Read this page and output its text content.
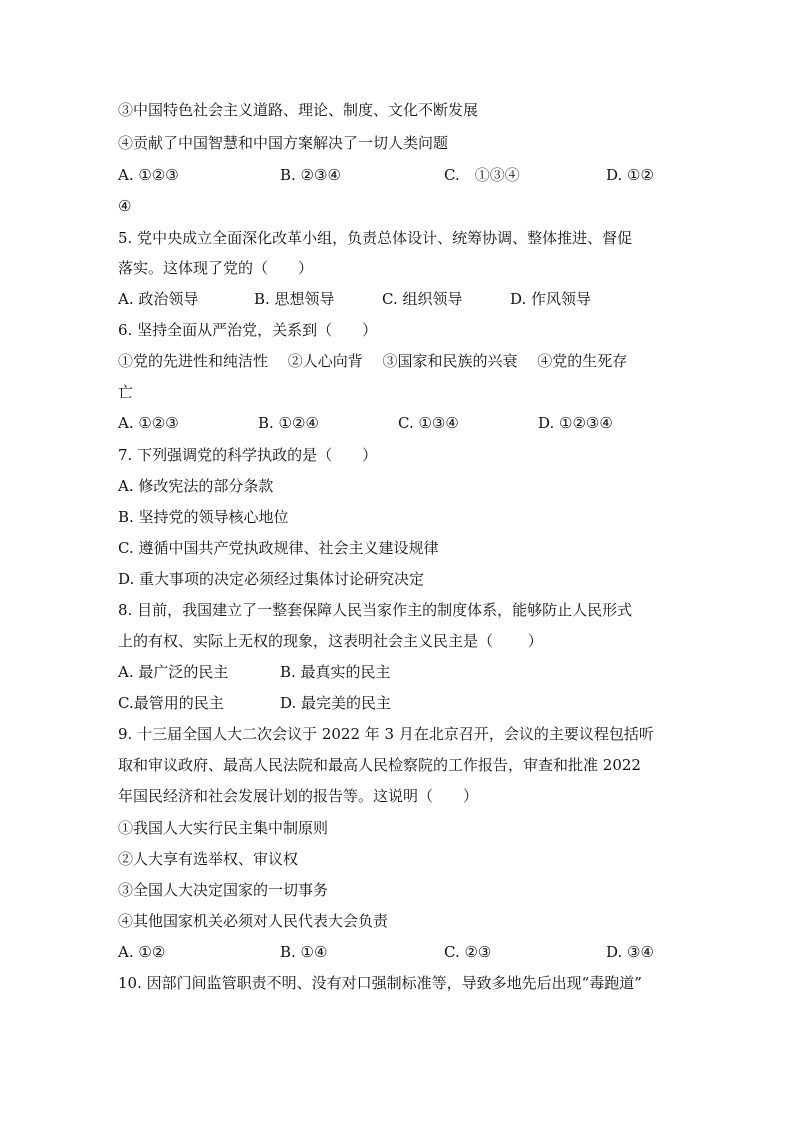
③中国特色社会主义道路、理论、制度、文化不断发展
④贡献了中国智慧和中国方案解决了一切人类问题
A. ①②③	B. ②③④	C.　①③④	D. ①②
④
5. 党中央成立全面深化改革小组，负责总体设计、统筹协调、整体推进、督促
落实。这体现了党的（　　）
A. 政治领导	B. 思想领导	C. 组织领导	D. 作风领导
6. 坚持全面从严治党，关系到（　　）
①党的先进性和纯洁性　 ②人心向背　 ③国家和民族的兴衰　 ④党的生死存
亡
A. ①②③	B. ①②④	C. ①③④	D. ①②③④
7. 下列强调党的科学执政的是（　　）
A. 修改宪法的部分条款
B. 坚持党的领导核心地位
C. 遵循中国共产党执政规律、社会主义建设规律
D. 重大事项的决定必须经过集体讨论研究决定
8. 目前，我国建立了一整套保障人民当家作主的制度体系，能够防止人民形式
上的有权、实际上无权的现象，这表明社会主义民主是（　　 ）
A. 最广泛的民主	B. 最真实的民主
C.最管用的民主	D. 最完美的民主
9. 十三届全国人大二次会议于 2022 年 3 月在北京召开，会议的主要议程包括听
取和审议政府、最高人民法院和最高人民检察院的工作报告，审查和批准 2022
年国民经济和社会发展计划的报告等。这说明（　　）
①我国人大实行民主集中制原则
②人大享有选举权、审议权
③全国人大决定国家的一切事务
④其他国家机关必须对人民代表大会负责
A. ①②	B. ①④	C. ②③	D. ③④
10. 因部门间监管职责不明、没有对口强制标准等，导致多地先后出现“毒跑道”
